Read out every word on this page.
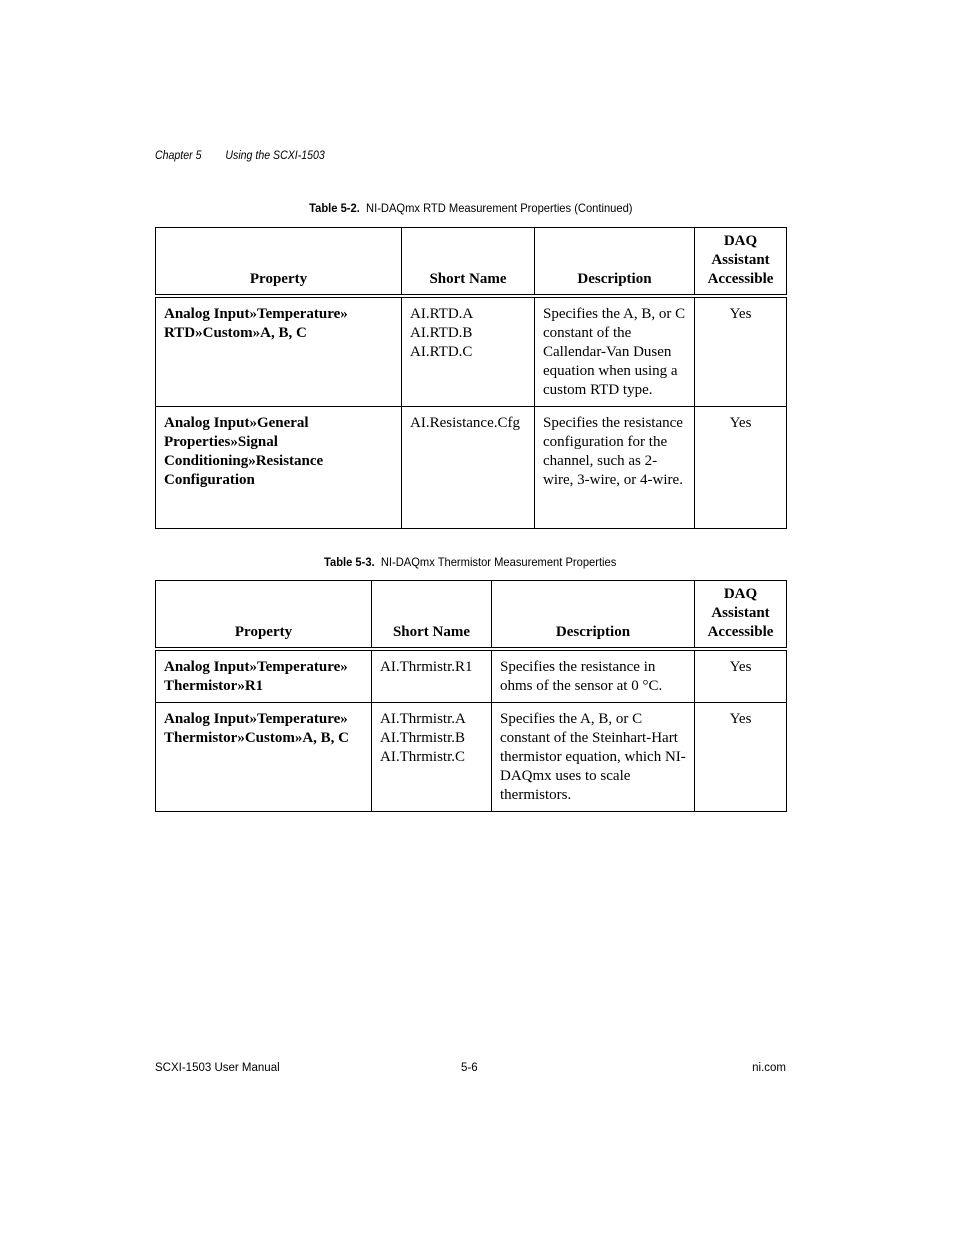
Chapter 5 Using the SCXI-1503
Table 5-2. NI-DAQmx RTD Measurement Properties (Continued)
Property	Short Name	Description	DAQ Assistant Accessible
Analog Input»Temperature» RTD»Custom»A, B, C	AI.RTD.A
AI.RTD.B
AI.RTD.C	Specifies the A, B, or C constant of the Callendar-Van Dusen equation when using a custom RTD type.	Yes
Analog Input»General Properties»Signal Conditioning»Resistance Configuration	AI.Resistance.Cfg	Specifies the resistance configuration for the channel, such as 2-wire, 3-wire, or 4-wire.	Yes
Table 5-3. NI-DAQmx Thermistor Measurement Properties
Property	Short Name	Description	DAQ Assistant Accessible
Analog Input»Temperature» Thermistor»R1	AI.Thrmistr.R1	Specifies the resistance in ohms of the sensor at 0 °C.	Yes
Analog Input»Temperature» Thermistor»Custom»A, B, C	AI.Thrmistr.A
AI.Thrmistr.B
AI.Thrmistr.C	Specifies the A, B, or C constant of the Steinhart-Hart thermistor equation, which NI-DAQmx uses to scale thermistors.	Yes
SCXI-1503 User Manual	5-6	ni.com
